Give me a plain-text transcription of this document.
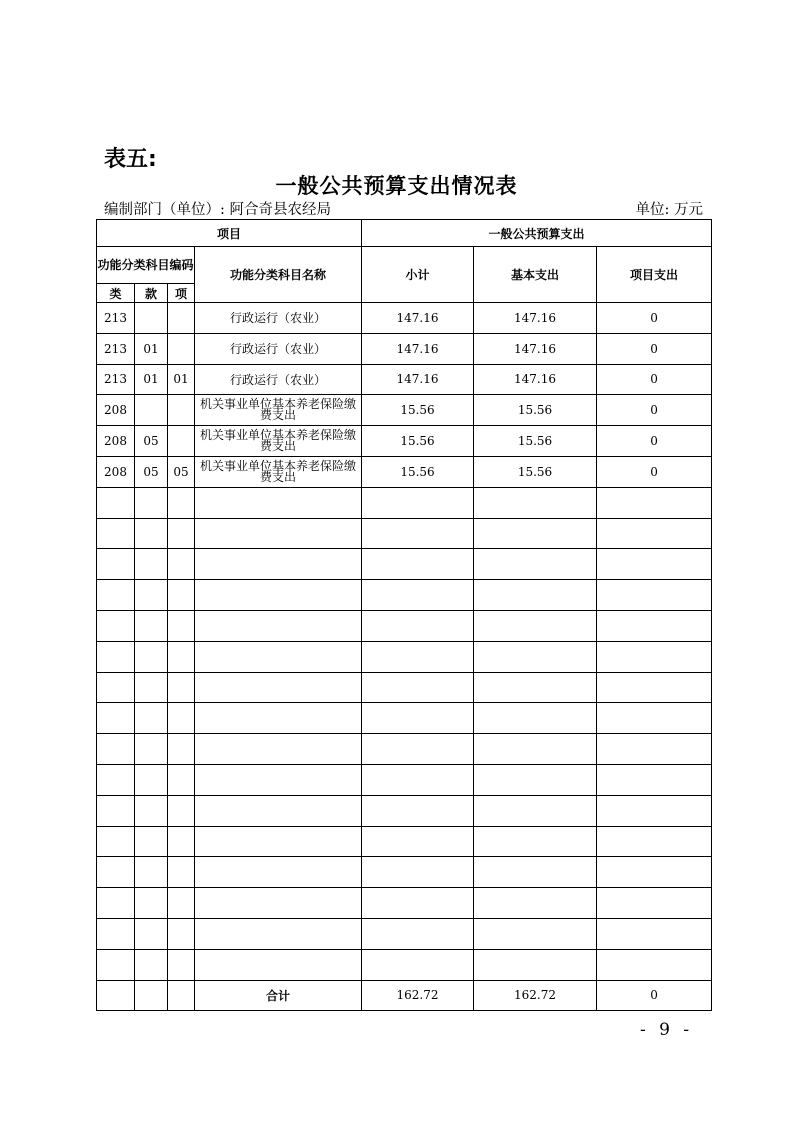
表五:
一般公共预算支出情况表
编制部门（单位）: 阿合奇县农经局	单位: 万元
项目				一般公共预算支出		
功能分类科目编码			功能分类科目名称	小计	基本支出	项目支出
类	款	项				
213			行政运行（农业）	147.16	147.16	0
213	01		行政运行（农业）	147.16	147.16	0
213	01	01	行政运行（农业）	147.16	147.16	0
208			机关事业单位基本养老保险缴费支出	15.56	15.56	0
208	05		机关事业单位基本养老保险缴费支出	15.56	15.56	0
208	05	05	机关事业单位基本养老保险缴费支出	15.56	15.56	0

			合计	162.72	162.72	0
- 9 -
